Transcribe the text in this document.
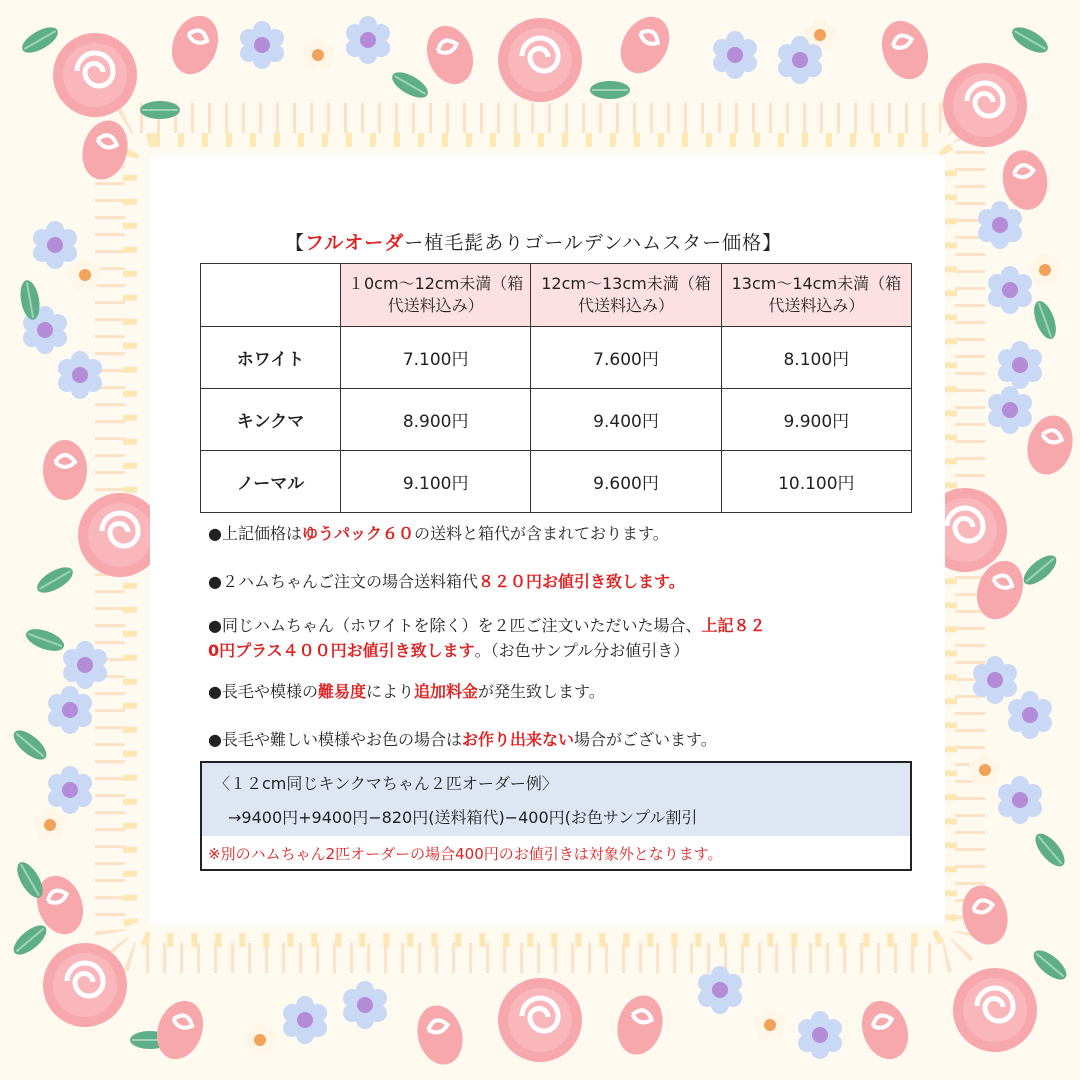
【フルオーダー植毛髭ありゴールデンハムスター価格】
	１0cm〜12cm未満（箱代送料込み）	12cm〜13cm未満（箱代送料込み）	13cm〜14cm未満（箱代送料込み）
ホワイト	7.100円	7.600円	8.100円
キンクマ	8.900円	9.400円	9.900円
ノーマル	9.100円	9.600円	10.100円
●上記価格はゆうパック６０の送料と箱代が含まれております。
●２ハムちゃんご注文の場合送料箱代８２０円お値引き致します。
●同じハムちゃん（ホワイトを除く）を２匹ご注文いただいた場合、上記８２
0円プラス４００円お値引き致します。（お色サンプル分お値引き）
●長毛や模様の難易度により追加料金が発生致します。
●長毛や難しい模様やお色の場合はお作り出来ない場合がございます。
〈１２cm同じキンクマちゃん２匹オーダー例〉
→9400円+9400円−820円(送料箱代)−400円(お色サンプル割引
※別のハムちゃん2匹オーダーの場合400円のお値引きは対象外となります。
